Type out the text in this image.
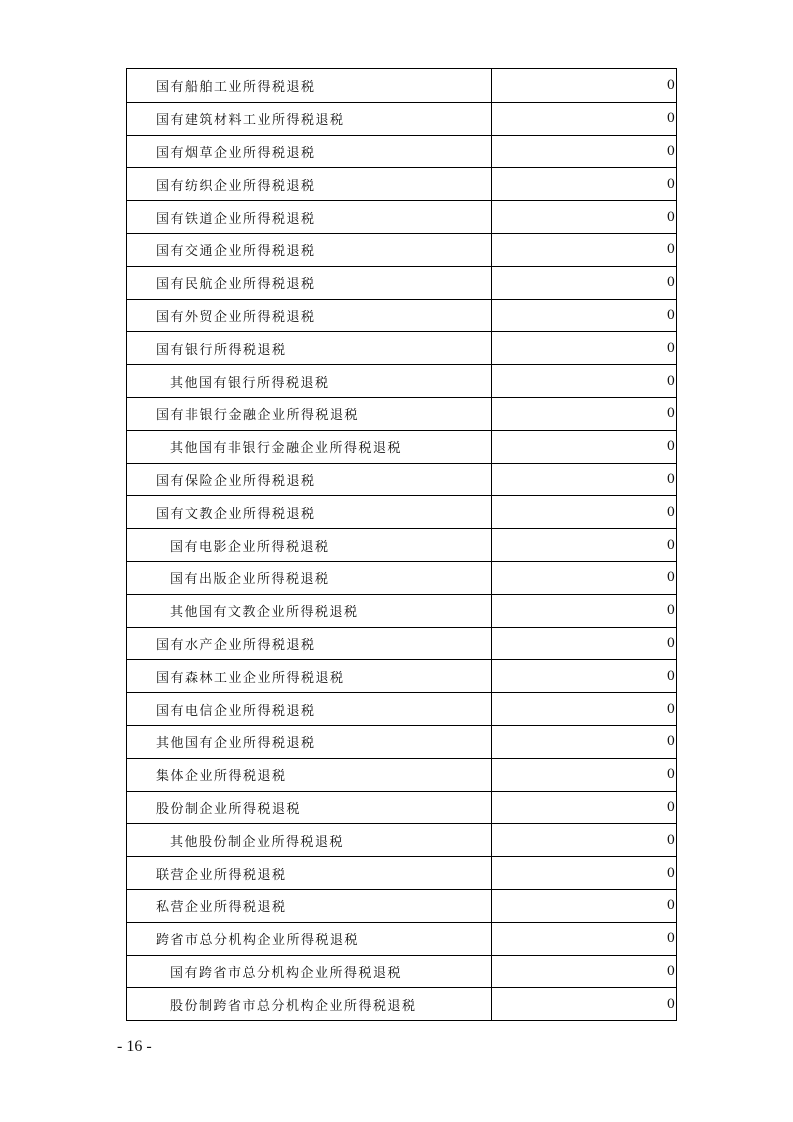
国有船舶工业所得税退税	0
国有建筑材料工业所得税退税	0
国有烟草企业所得税退税	0
国有纺织企业所得税退税	0
国有铁道企业所得税退税	0
国有交通企业所得税退税	0
国有民航企业所得税退税	0
国有外贸企业所得税退税	0
国有银行所得税退税	0
其他国有银行所得税退税	0
国有非银行金融企业所得税退税	0
其他国有非银行金融企业所得税退税	0
国有保险企业所得税退税	0
国有文教企业所得税退税	0
国有电影企业所得税退税	0
国有出版企业所得税退税	0
其他国有文教企业所得税退税	0
国有水产企业所得税退税	0
国有森林工业企业所得税退税	0
国有电信企业所得税退税	0
其他国有企业所得税退税	0
集体企业所得税退税	0
股份制企业所得税退税	0
其他股份制企业所得税退税	0
联营企业所得税退税	0
私营企业所得税退税	0
跨省市总分机构企业所得税退税	0
国有跨省市总分机构企业所得税退税	0
股份制跨省市总分机构企业所得税退税	0
- 16 -
